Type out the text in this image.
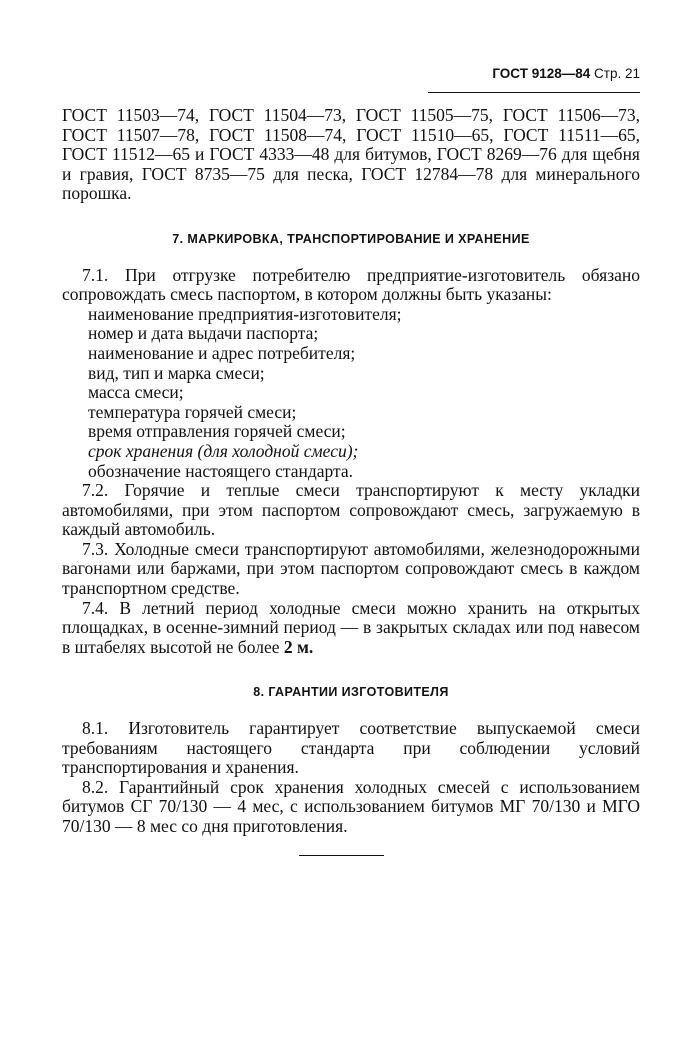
ГОСТ 9128—84 Стр. 21

ГОСТ 11503—74, ГОСТ 11504—73, ГОСТ 11505—75, ГОСТ 11506—73, ГОСТ 11507—78, ГОСТ 11508—74, ГОСТ 11510—65, ГОСТ 11511—65, ГОСТ 11512—65 и ГОСТ 4333—48 для битумов, ГОСТ 8269—76 для щебня и гравия, ГОСТ 8735—75 для песка, ГОСТ 12784—78 для минерального порошка.

7. МАРКИРОВКА, ТРАНСПОРТИРОВАНИЕ И ХРАНЕНИЕ

7.1. При отгрузке потребителю предприятие-изготовитель обязано сопровождать смесь паспортом, в котором должны быть указаны:

наименование предприятия-изготовителя;
номер и дата выдачи паспорта;
наименование и адрес потребителя;
вид, тип и марка смеси;
масса смеси;
температура горячей смеси;
время отправления горячей смеси;
срок хранения (для холодной смеси);
обозначение настоящего стандарта.

7.2. Горячие и теплые смеси транспортируют к месту укладки автомобилями, при этом паспортом сопровождают смесь, загружаемую в каждый автомобиль.

7.3. Холодные смеси транспортируют автомобилями, железнодорожными вагонами или баржами, при этом паспортом сопровождают смесь в каждом транспортном средстве.

7.4. В летний период холодные смеси можно хранить на открытых площадках, в осенне-зимний период — в закрытых складах или под навесом в штабелях высотой не более 2 м.

8. ГАРАНТИИ ИЗГОТОВИТЕЛЯ

8.1. Изготовитель гарантирует соответствие выпускаемой смеси требованиям настоящего стандарта при соблюдении условий транспортирования и хранения.

8.2. Гарантийный срок хранения холодных смесей с использованием битумов СГ 70/130 — 4 мес, с использованием битумов МГ 70/130 и МГО 70/130 — 8 мес со дня приготовления.
